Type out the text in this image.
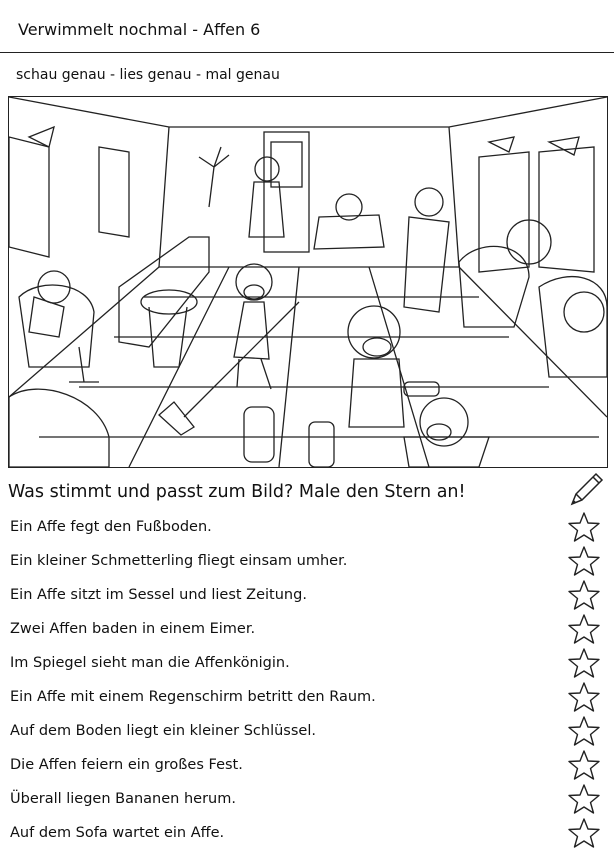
Verwimmelt nochmal - Affen 6
schau genau - lies genau - mal genau
Was stimmt und passt zum Bild? Male den Stern an!
Ein Affe fegt den Fußboden.
Ein kleiner Schmetterling fliegt einsam umher.
Ein Affe sitzt im Sessel und liest Zeitung.
Zwei Affen baden in einem Eimer.
Im Spiegel sieht man die Affenkönigin.
Ein Affe mit einem Regenschirm betritt den Raum.
Auf dem Boden liegt ein kleiner Schlüssel.
Die Affen feiern ein großes Fest.
Überall liegen Bananen herum.
Auf dem Sofa wartet ein Affe.
